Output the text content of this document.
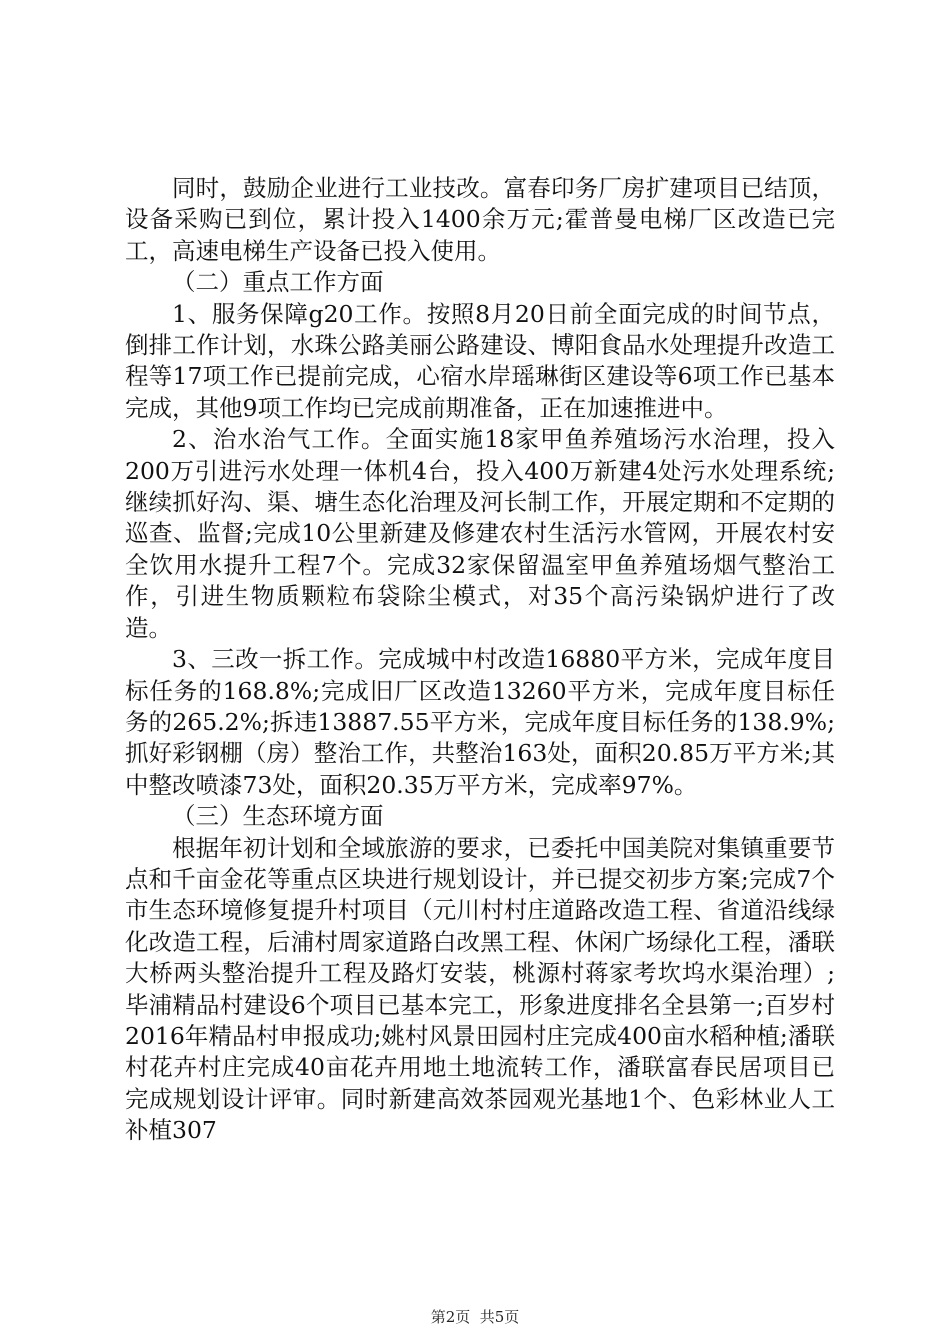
同时，鼓励企业进行工业技改。富春印务厂房扩建项目已结顶，设备采购已到位，累计投入1400余万元;霍普曼电梯厂区改造已完工，高速电梯生产设备已投入使用。

（二）重点工作方面

1、服务保障g20工作。按照8月20日前全面完成的时间节点，倒排工作计划，水珠公路美丽公路建设、博阳食品水处理提升改造工程等17项工作已提前完成，心宿水岸瑶琳街区建设等6项工作已基本完成，其他9项工作均已完成前期准备，正在加速推进中。

2、治水治气工作。全面实施18家甲鱼养殖场污水治理，投入200万引进污水处理一体机4台，投入400万新建4处污水处理系统;继续抓好沟、渠、塘生态化治理及河长制工作，开展定期和不定期的巡查、监督;完成10公里新建及修建农村生活污水管网，开展农村安全饮用水提升工程7个。完成32家保留温室甲鱼养殖场烟气整治工作，引进生物质颗粒布袋除尘模式，对35个高污染锅炉进行了改造。

3、三改一拆工作。完成城中村改造16880平方米，完成年度目标任务的168.8%;完成旧厂区改造13260平方米，完成年度目标任务的265.2%;拆违13887.55平方米，完成年度目标任务的138.9%;抓好彩钢棚（房）整治工作，共整治163处，面积20.85万平方米;其中整改喷漆73处，面积20.35万平方米，完成率97%。

（三）生态环境方面

根据年初计划和全域旅游的要求，已委托中国美院对集镇重要节点和千亩金花等重点区块进行规划设计，并已提交初步方案;完成7个市生态环境修复提升村项目（元川村村庄道路改造工程、省道沿线绿化改造工程，后浦村周家道路白改黑工程、休闲广场绿化工程，潘联大桥两头整治提升工程及路灯安装，桃源村蒋家考坎坞水渠治理）;毕浦精品村建设6个项目已基本完工，形象进度排名全县第一;百岁村2016年精品村申报成功;姚村风景田园村庄完成400亩水稻种植;潘联村花卉村庄完成40亩花卉用地土地流转工作，潘联富春民居项目已完成规划设计评审。同时新建高效茶园观光基地1个、色彩林业人工补植307

第2页  共5页
